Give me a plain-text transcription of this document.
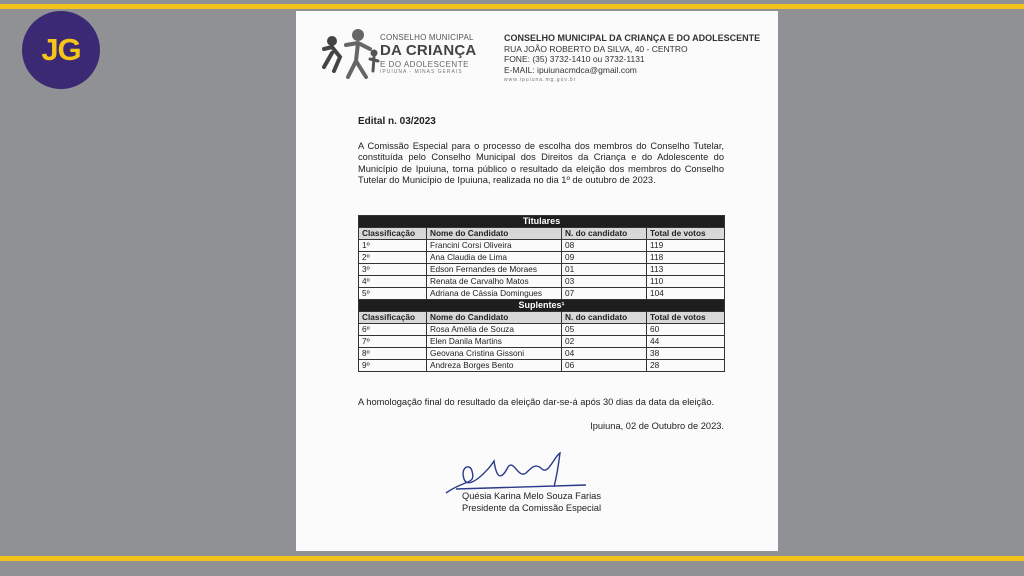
JG	CONSELHO MUNICIPAL
DA CRIANÇA
E DO ADOLESCENTE
IPUIUNA - MINAS GERAIS
CONSELHO MUNICIPAL DA CRIANÇA E DO ADOLESCENTE
RUA JOÃO ROBERTO DA SILVA, 40 - CENTRO
FONE: (35) 3732-1410 ou 3732-1131
E-MAIL: ipuiunacmdca@gmail.com
www.ipuiuna.mg.gov.br
Edital n. 03/2023
A Comissão Especial para o processo de escolha dos membros do Conselho Tutelar, constituída pelo Conselho Municipal dos Direitos da Criança e do Adolescente do Município de Ipuiuna, torna público o resultado da eleição dos membros do Conselho Tutelar do Município de Ipuiuna, realizada no dia 1º de outubro de 2023.
Titulares			
Classificação	Nome do Candidato	N. do candidato	Total de votos
1º	Francini Corsi Oliveira	08	119
2º	Ana Claudia de Lima	09	118
3º	Edson Fernandes de Moraes	01	113
4º	Renata de Carvalho Matos	03	110
5º	Adriana de Cássia Domingues	07	104
Suplentes¹			
Classificação	Nome do Candidato	N. do candidato	Total de votos
6º	Rosa Amélia de Souza	05	60
7º	Elen Danila Martins	02	44
8º	Geovana Cristina Gissoni	04	38
9º	Andreza Borges Bento	06	28
A homologação final do resultado da eleição dar-se-á após 30 dias da data da eleição.
Ipuiuna, 02 de Outubro de 2023.
Quésia Karina Melo Souza Farias
Presidente da Comissão Especial
